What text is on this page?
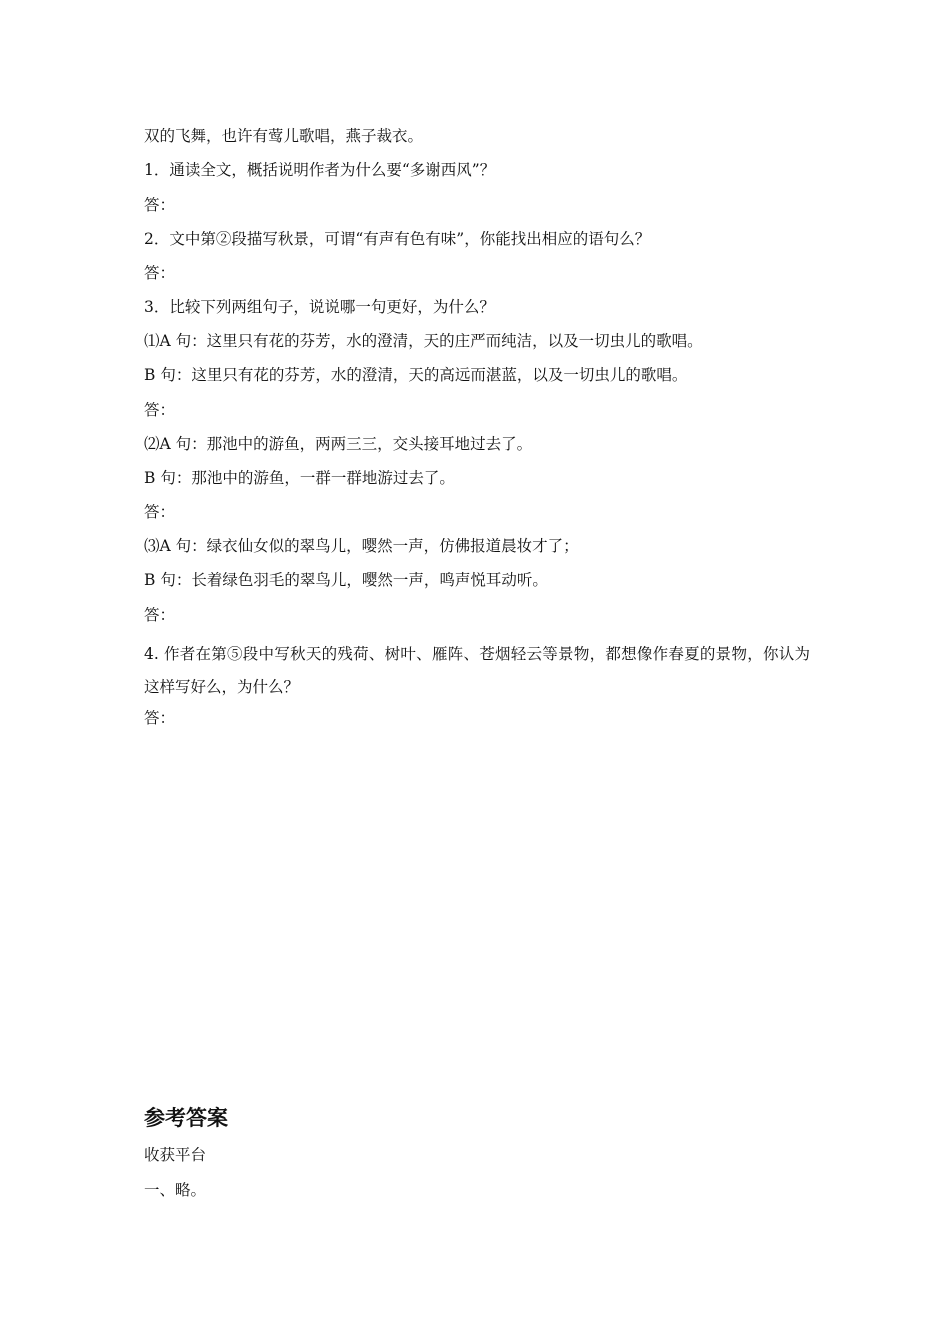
双的飞舞，也许有莺儿歌唱，燕子裁衣。

1．通读全文，概括说明作者为什么要“多谢西风”？

答：

2．文中第②段描写秋景，可谓“有声有色有味”，你能找出相应的语句么？

答：

3．比较下列两组句子，说说哪一句更好，为什么？

⑴A 句：这里只有花的芬芳，水的澄清，天的庄严而纯洁，以及一切虫儿的歌唱。

B 句：这里只有花的芬芳，水的澄清，天的高远而湛蓝，以及一切虫儿的歌唱。

答：

⑵A 句：那池中的游鱼，两两三三，交头接耳地过去了。

B 句：那池中的游鱼，一群一群地游过去了。

答：

⑶A 句：绿衣仙女似的翠鸟儿，嘤然一声，仿佛报道晨妆才了；

B 句：长着绿色羽毛的翠鸟儿，嘤然一声，鸣声悦耳动听。

答：

4. 作者在第⑤段中写秋天的残荷、树叶、雁阵、苍烟轻云等景物，都想像作春夏的景物，你认为这样写好么，为什么？

答：

参考答案

收获平台

一、略。
